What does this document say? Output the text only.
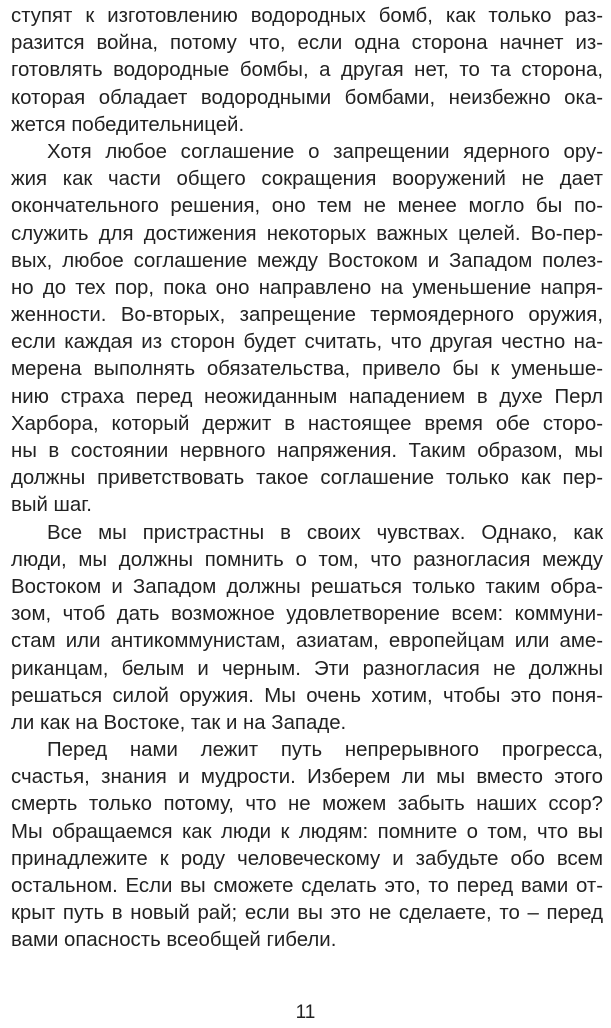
ступят к изготовлению водородных бомб, как только раз-
разится война, потому что, если одна сторона начнет из-
готовлять водородные бомбы, а другая нет, то та сторона,
которая обладает водородными бомбами, неизбежно ока-
жется победительницей.
Хотя любое соглашение о запрещении ядерного ору-
жия как части общего сокращения вооружений не дает
окончательного решения, оно тем не менее могло бы по-
служить для достижения некоторых важных целей. Во-пер-
вых, любое соглашение между Востоком и Западом полез-
но до тех пор, пока оно направлено на уменьшение напря-
женности. Во-вторых, запрещение термоядерного оружия,
если каждая из сторон будет считать, что другая честно на-
мерена выполнять обязательства, привело бы к уменьше-
нию страха перед неожиданным нападением в духе Перл
Харбора, который держит в настоящее время обе сторо-
ны в состоянии нервного напряжения. Таким образом, мы
должны приветствовать такое соглашение только как пер-
вый шаг.
Все мы пристрастны в своих чувствах. Однако, как
люди, мы должны помнить о том, что разногласия между
Востоком и Западом должны решаться только таким обра-
зом, чтоб дать возможное удовлетворение всем: коммуни-
стам или антикоммунистам, азиатам, европейцам или аме-
риканцам, белым и черным. Эти разногласия не должны
решаться силой оружия. Мы очень хотим, чтобы это поня-
ли как на Востоке, так и на Западе.
Перед нами лежит путь непрерывного прогресса,
счастья, знания и мудрости. Изберем ли мы вместо этого
смерть только потому, что не можем забыть наших ссор?
Мы обращаемся как люди к людям: помните о том, что вы
принадлежите к роду человеческому и забудьте обо всем
остальном. Если вы сможете сделать это, то перед вами от-
крыт путь в новый рай; если вы это не сделаете, то – перед
вами опасность всеобщей гибели.
11
